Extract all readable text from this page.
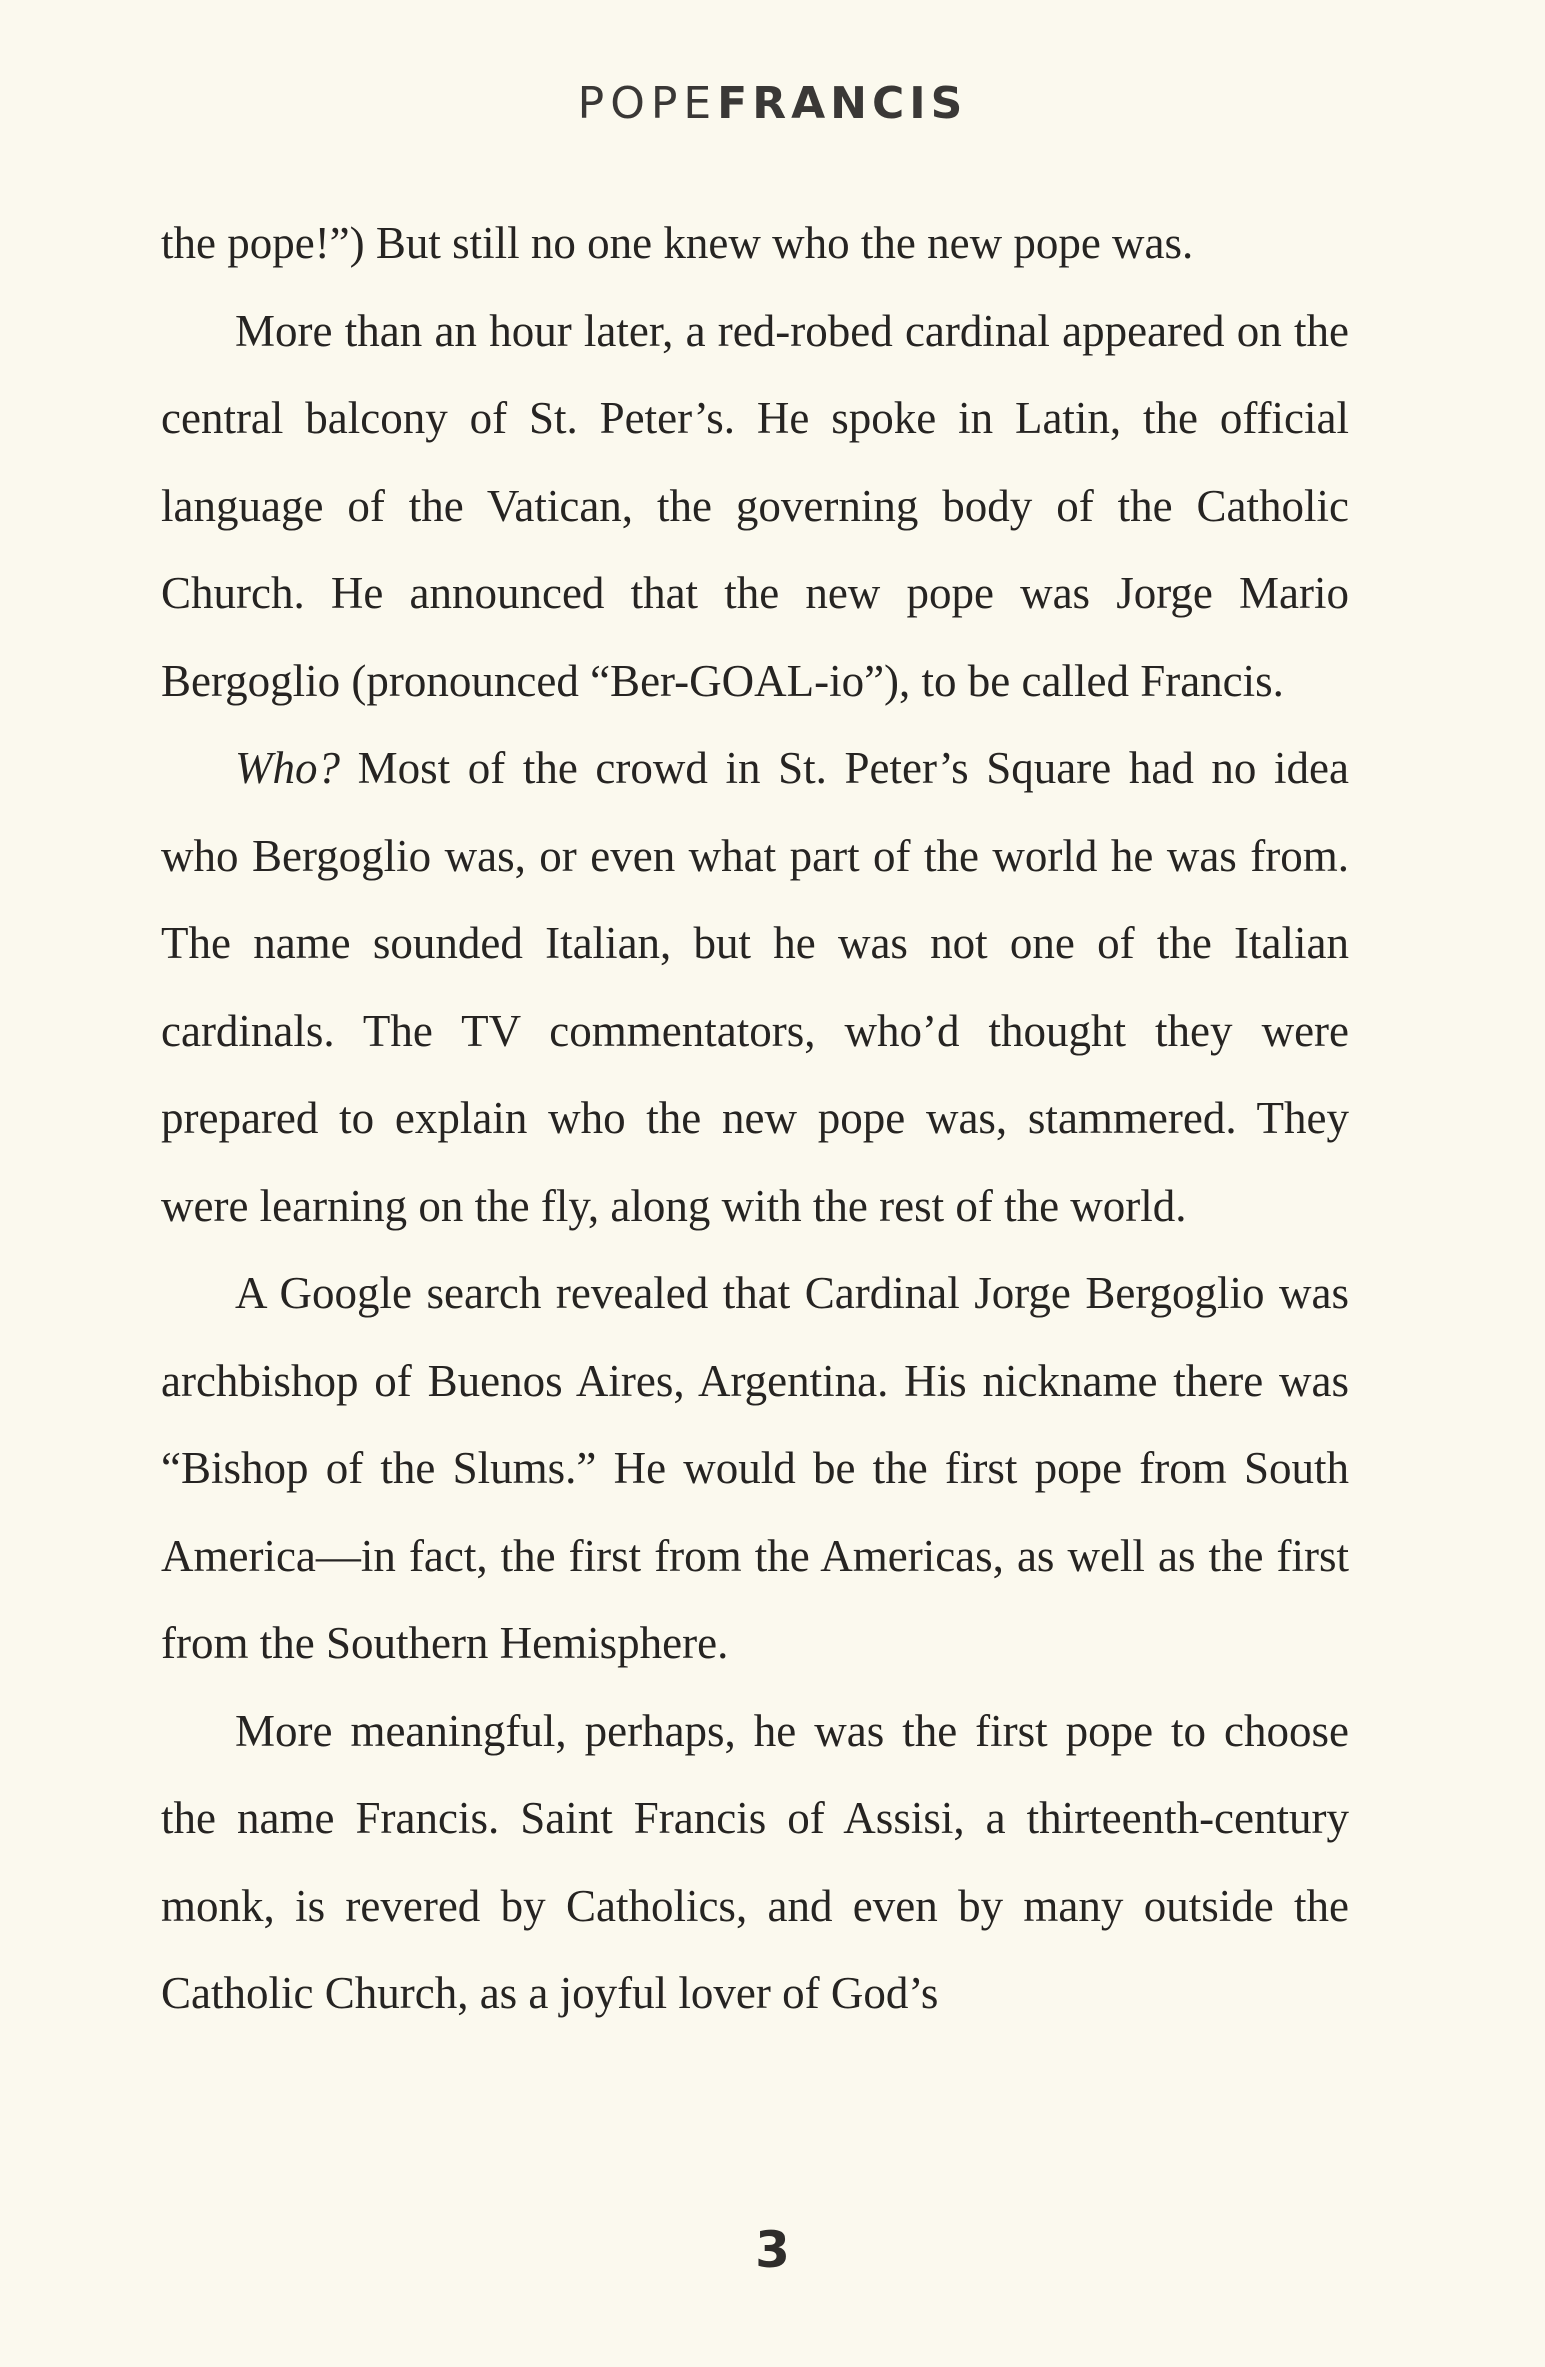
POPEFRANCIS

the pope!”) But still no one knew who the new pope was.

More than an hour later, a red-robed cardinal appeared on the central balcony of St. Peter’s. He spoke in Latin, the official language of the Vatican, the governing body of the Catholic Church. He announced that the new pope was Jorge Mario Bergoglio (pronounced “Ber-GOAL-io”), to be called Francis.

Who? Most of the crowd in St. Peter’s Square had no idea who Bergoglio was, or even what part of the world he was from. The name sounded Italian, but he was not one of the Italian cardinals. The TV commentators, who’d thought they were prepared to explain who the new pope was, stammered. They were learning on the fly, along with the rest of the world.

A Google search revealed that Cardinal Jorge Bergoglio was archbishop of Buenos Aires, Argentina. His nickname there was “Bishop of the Slums.” He would be the first pope from South America—in fact, the first from the Americas, as well as the first from the Southern Hemisphere.

More meaningful, perhaps, he was the first pope to choose the name Francis. Saint Francis of Assisi, a thirteenth-century monk, is revered by Catholics, and even by many outside the Catholic Church, as a joyful lover of God’s

3
